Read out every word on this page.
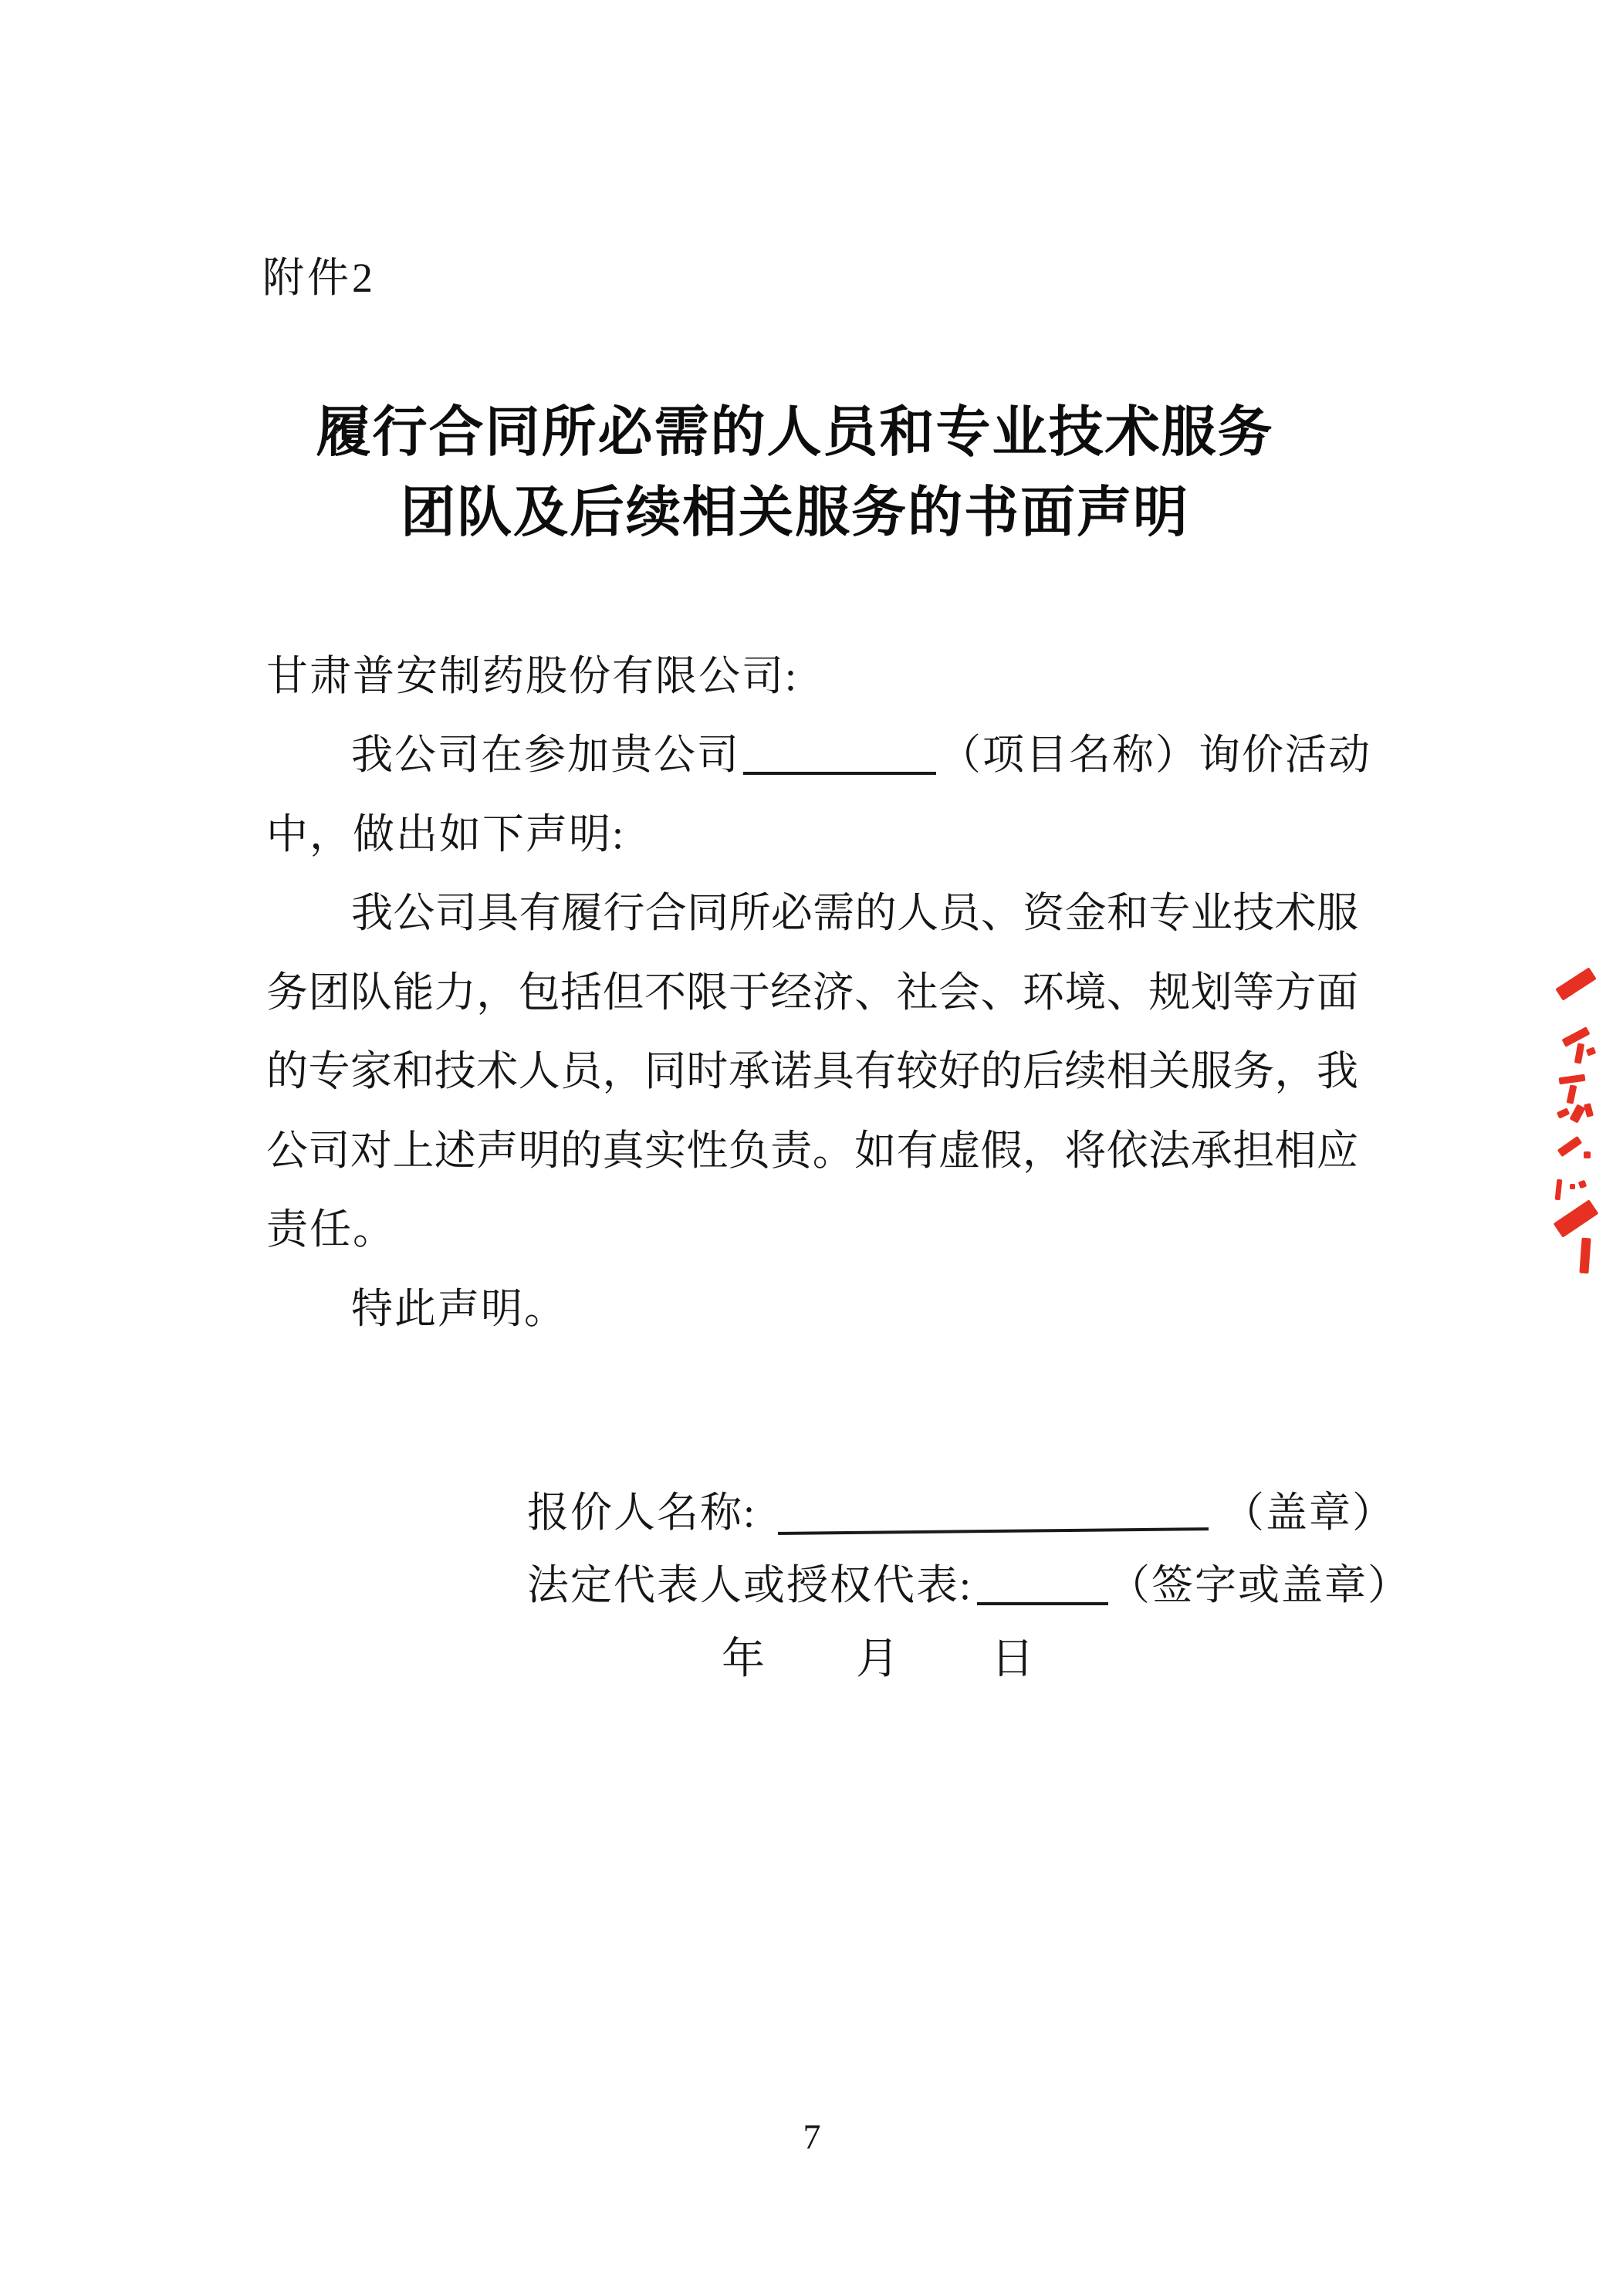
附件2
履行合同所必需的人员和专业技术服务
团队及后续相关服务的书面声明
甘肃普安制药股份有限公司:
我公司在参加贵公司	（项目名称）询价活动
中，做出如下声明:
我公司具有履行合同所必需的人员、资金和专业技术服
务团队能力，包括但不限于经济、社会、环境、规划等方面
的专家和技术人员，同时承诺具有较好的后续相关服务，我
公司对上述声明的真实性负责。如有虚假，将依法承担相应
责任。
特此声明。
报价人名称:	（盖章）
法定代表人或授权代表:	（签字或盖章）
年 月 日
7
